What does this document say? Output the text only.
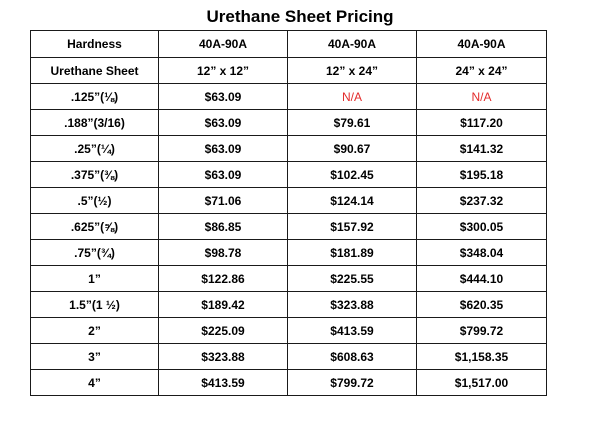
Urethane Sheet Pricing
Hardness	40A-90A	40A-90A	40A-90A
Urethane Sheet	12” x 12”	12” x 24”	24” x 24”
.125”(⅛)	$63.09	N/A	N/A
.188”(3/16)	$63.09	$79.61	$117.20
.25”(¼)	$63.09	$90.67	$141.32
.375”(⅜)	$63.09	$102.45	$195.18
.5”(½)	$71.06	$124.14	$237.32
.625”(⅝)	$86.85	$157.92	$300.05
.75”(¾)	$98.78	$181.89	$348.04
1”	$122.86	$225.55	$444.10
1.5”(1 ½)	$189.42	$323.88	$620.35
2”	$225.09	$413.59	$799.72
3”	$323.88	$608.63	$1,158.35
4”	$413.59	$799.72	$1,517.00
